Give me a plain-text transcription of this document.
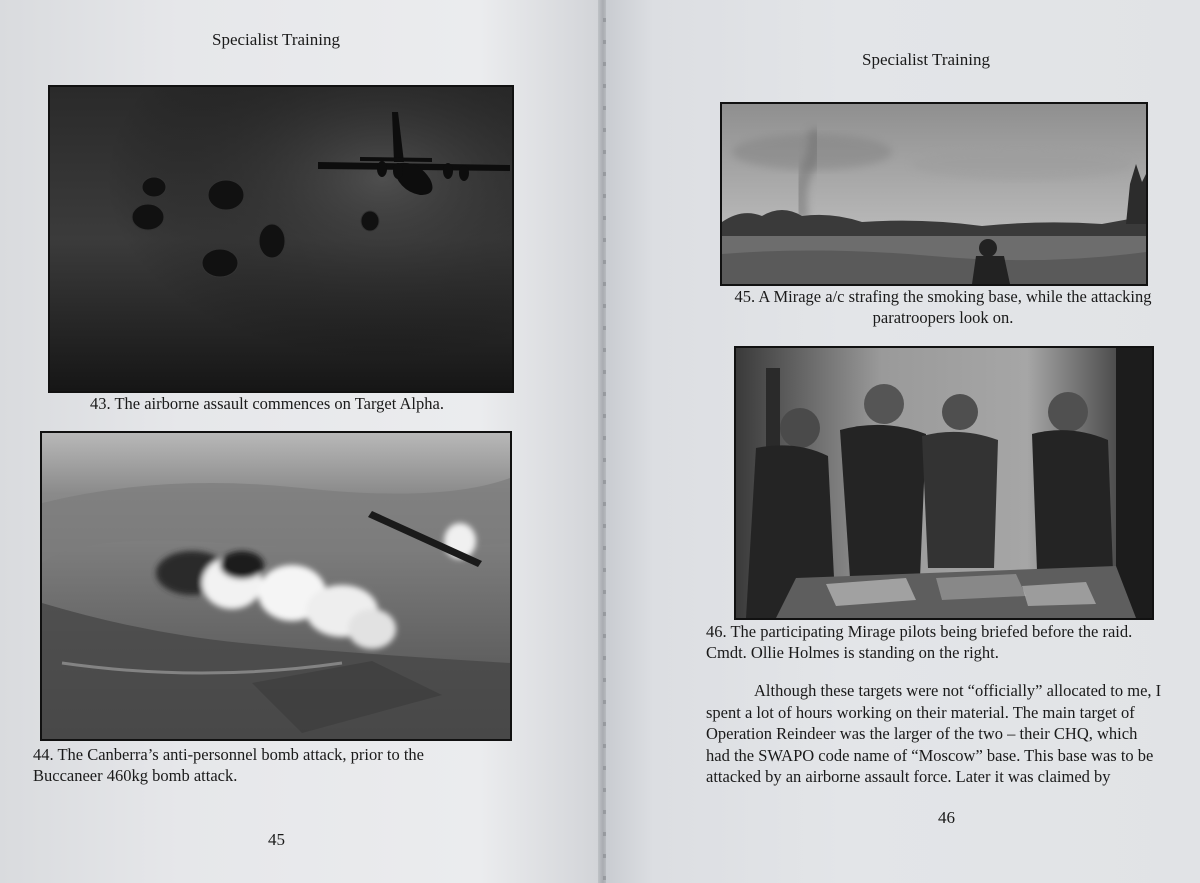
Specialist Training

43. The airborne assault commences on Target Alpha.

44. The Canberra’s anti-personnel bomb attack, prior to the
Buccaneer 460kg bomb attack.

45
Specialist Training

45. A Mirage a/c strafing the smoking base, while the attacking
paratroopers look on.

46. The participating Mirage pilots being briefed before the raid.
Cmdt. Ollie Holmes is standing on the right.

Although these targets were not “officially” allocated to me, I
spent a lot of hours working on their material. The main target of
Operation Reindeer was the larger of the two – their CHQ, which
had the SWAPO code name of “Moscow” base. This base was to be
attacked by an airborne assault force. Later it was claimed by
46
